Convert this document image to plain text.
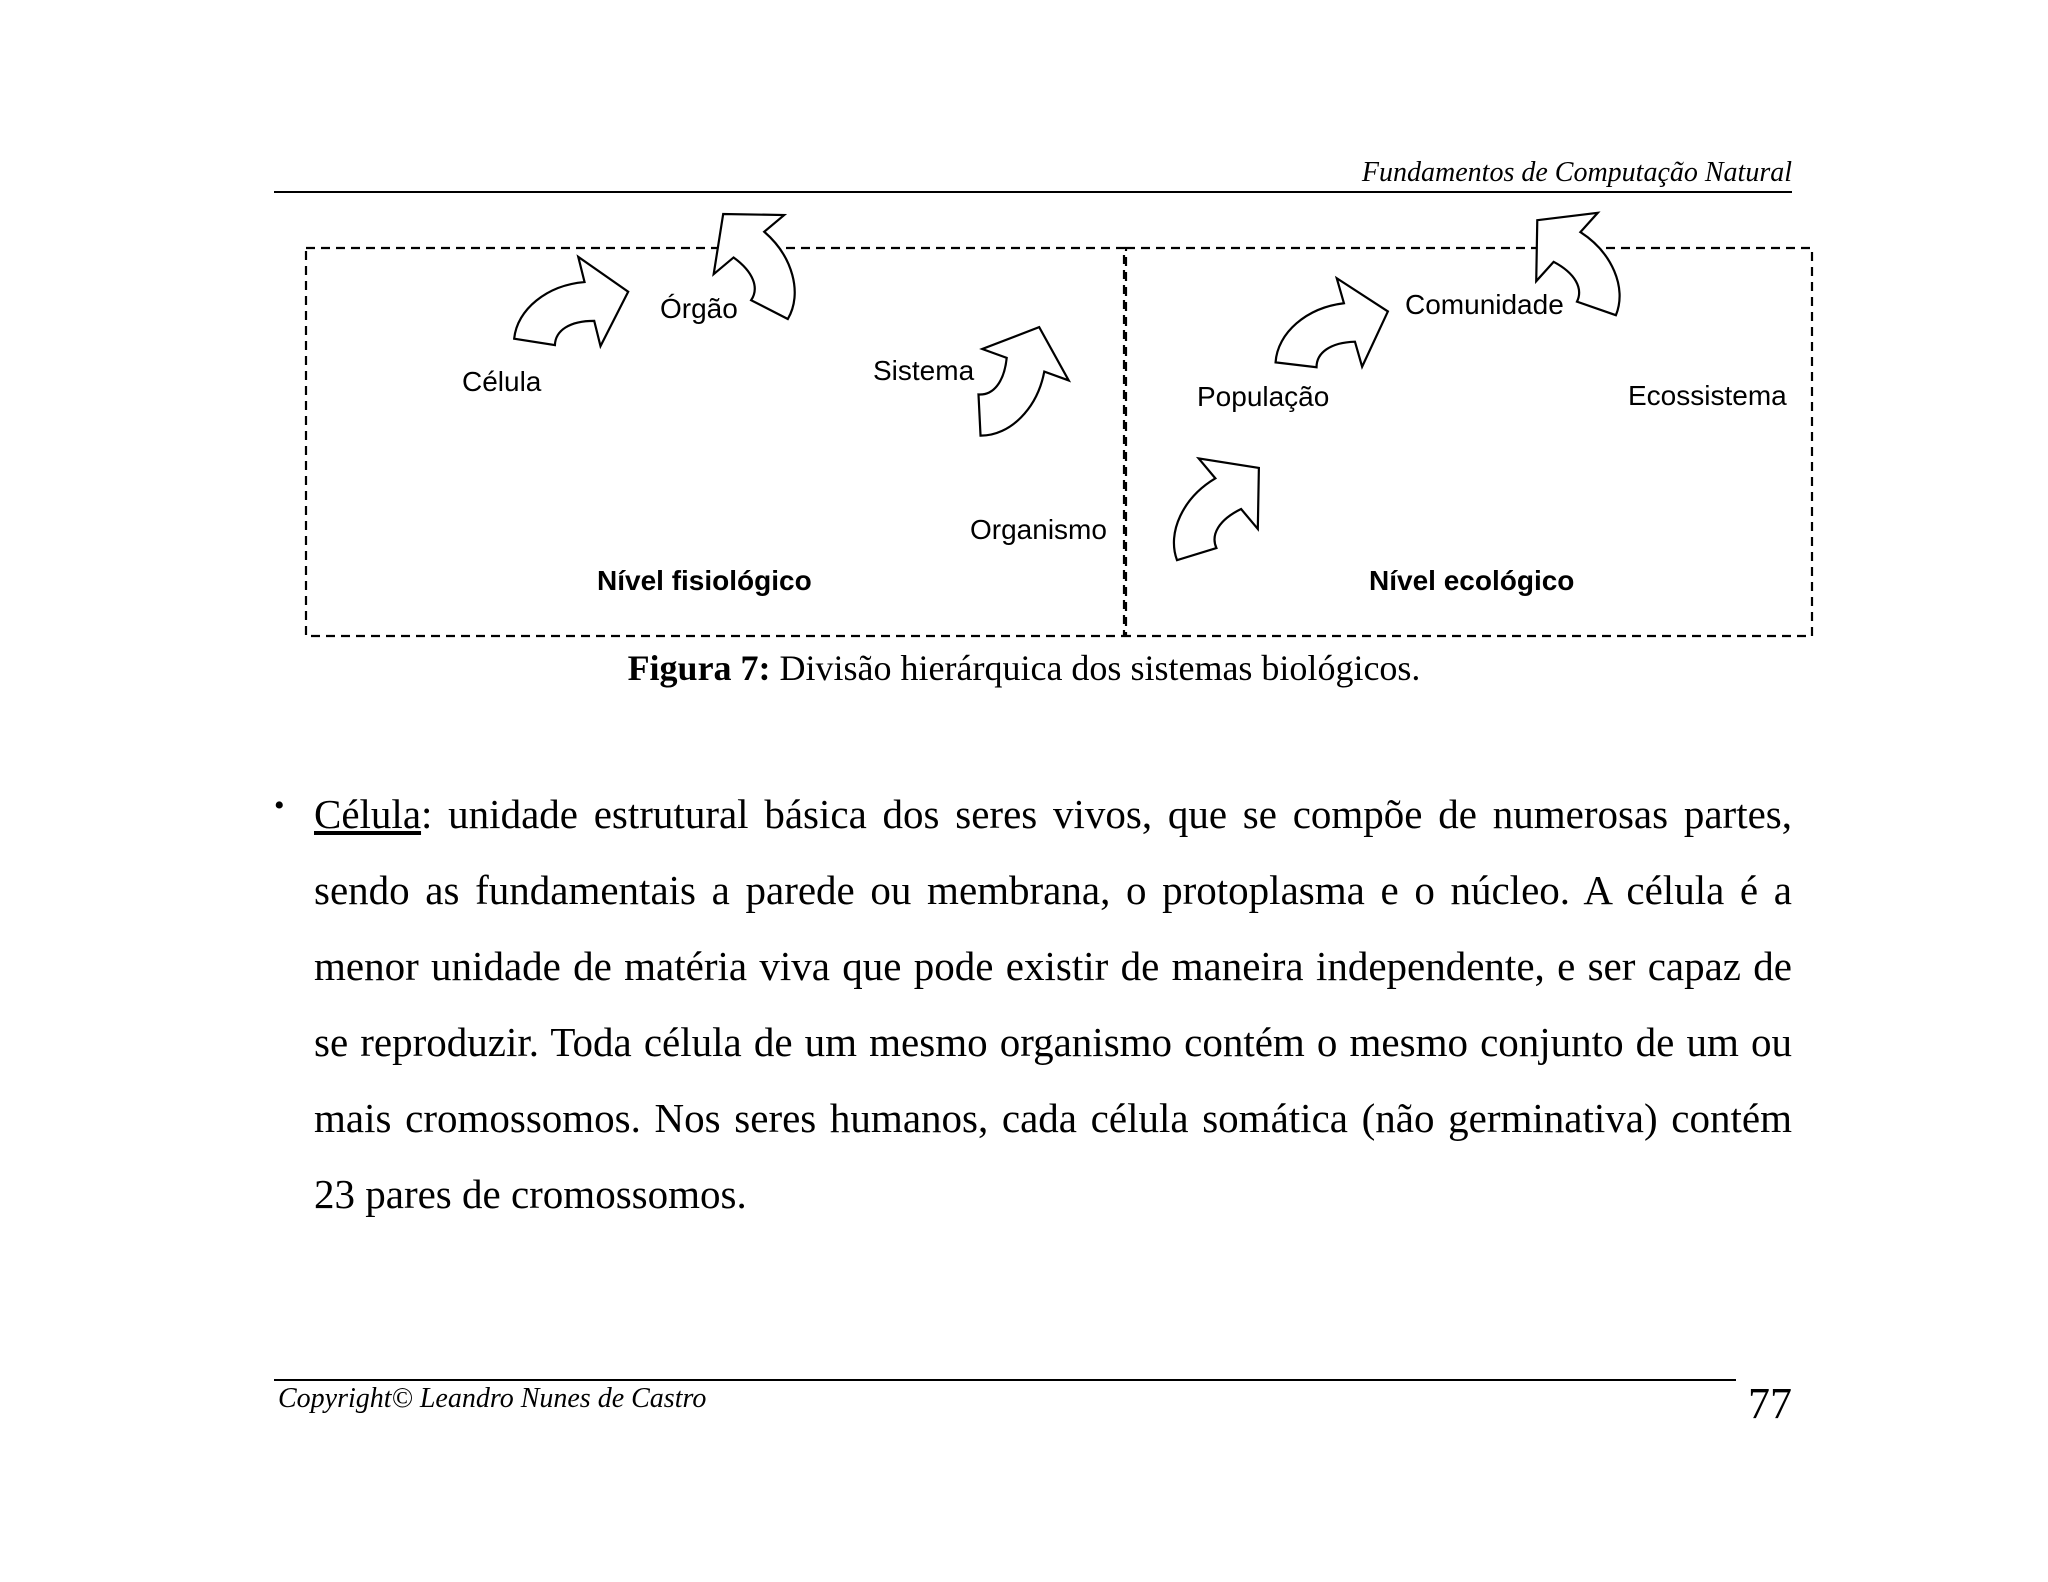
Fundamentos de Computação Natural
Célula
Órgão
Sistema
Organismo
Nível fisiológico
População
Comunidade
Ecossistema
Nível ecológico
Figura 7: Divisão hierárquica dos sistemas biológicos.
• Célula: unidade estrutural básica dos seres vivos, que se compõe de numerosas partes, sendo as fundamentais a parede ou membrana, o protoplasma e o núcleo. A célula é a menor unidade de matéria viva que pode existir de maneira independente, e ser capaz de se reproduzir. Toda célula de um mesmo organismo contém o mesmo conjunto de um ou mais cromossomos. Nos seres humanos, cada célula somática (não germinativa) contém 23 pares de cromossomos.

Copyright© Leandro Nunes de Castro	77
